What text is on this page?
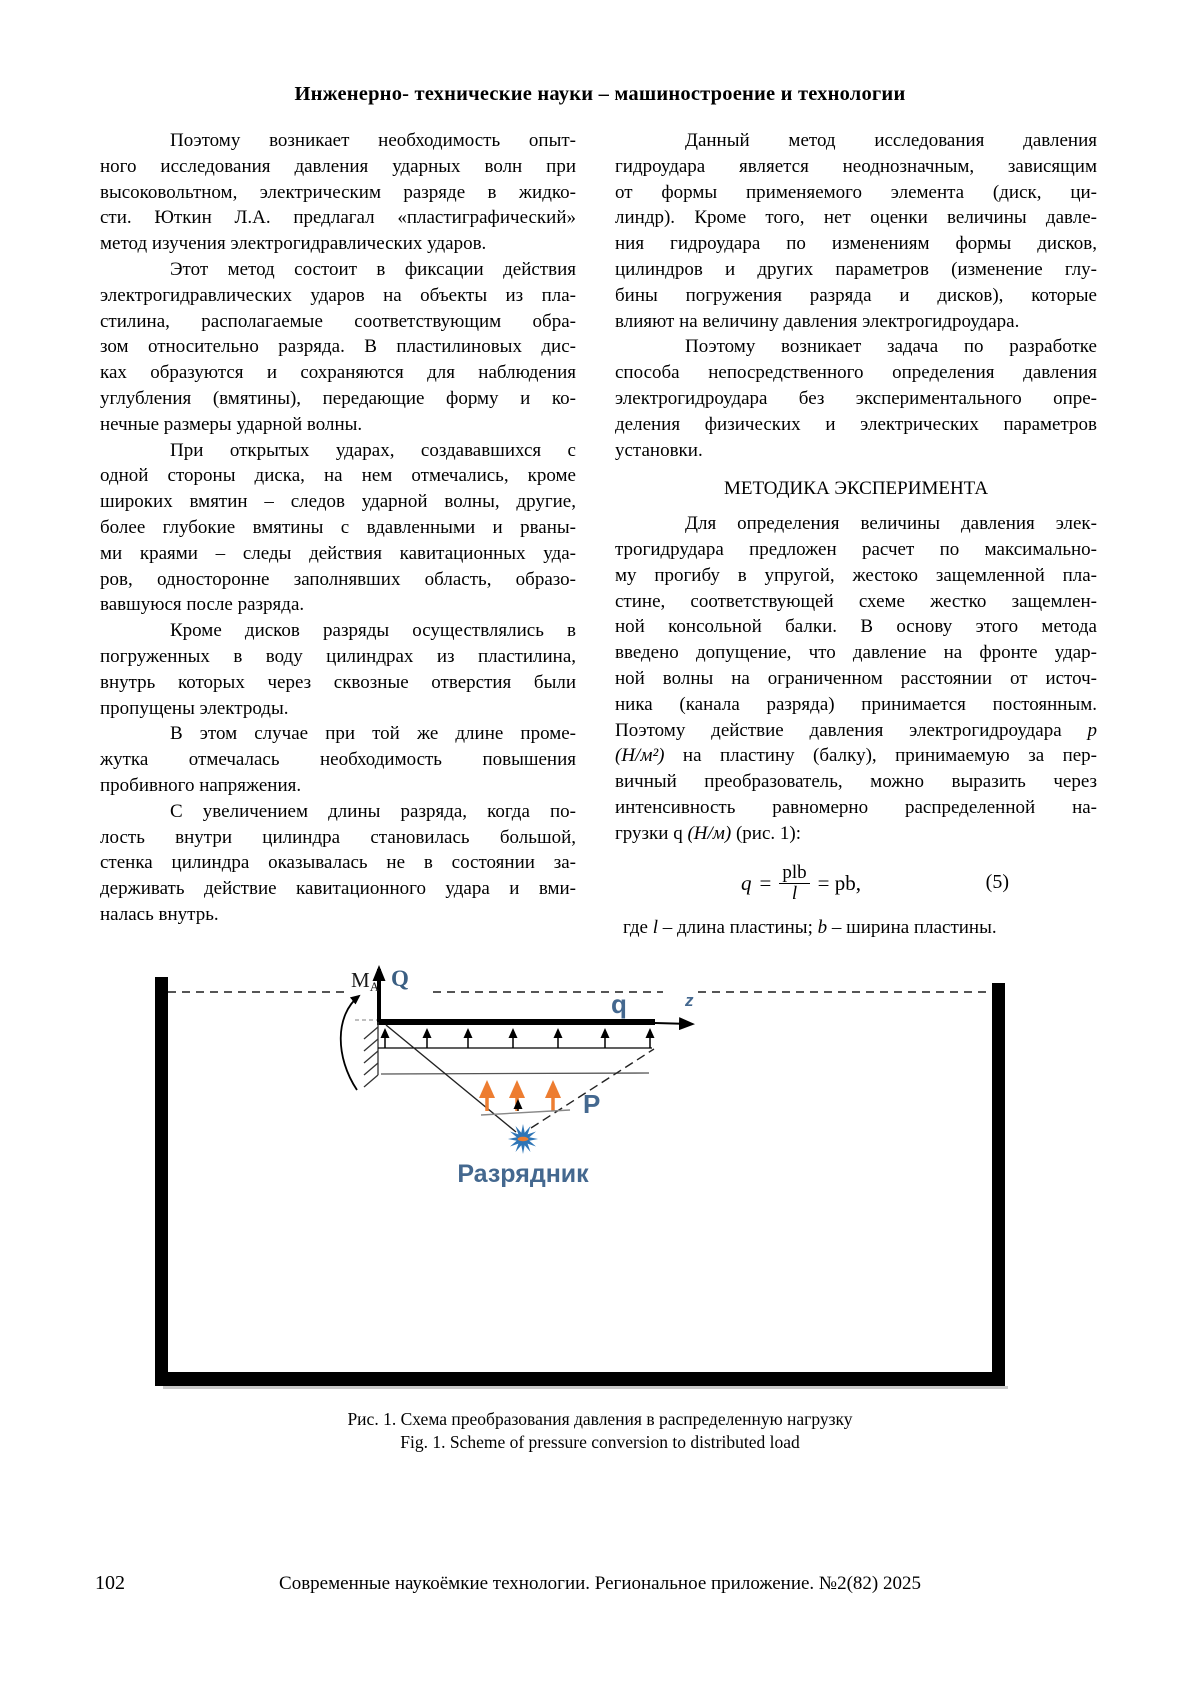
Инженерно- технические науки – машиностроение и технологии
Поэтому возникает необходимость опыт-
ного исследования давления ударных волн при
высоковольтном, электрическим разряде в жидко-
сти. Юткин Л.А. предлагал «пластиграфический»
метод изучения электрогидравлических ударов.
Этот метод состоит в фиксации действия
электрогидравлических ударов на объекты из пла-
стилина, располагаемые соответствующим обра-
зом относительно разряда. В пластилиновых дис-
ках образуются и сохраняются для наблюдения
углубления (вмятины), передающие форму и ко-
нечные размеры ударной волны.
При открытых ударах, создававшихся с
одной стороны диска, на нем отмечались, кроме
широких вмятин – следов ударной волны, другие,
более глубокие вмятины с вдавленными и рваны-
ми краями – следы действия кавитационных уда-
ров, односторонне заполнявших область, образо-
вавшуюся после разряда.
Кроме дисков разряды осуществлялись в
погруженных в воду цилиндрах из пластилина,
внутрь которых через сквозные отверстия были
пропущены электроды.
В этом случае при той же длине проме-
жутка отмечалась необходимость повышения
пробивного напряжения.
С увеличением длины разряда, когда по-
лость внутри цилиндра становилась большой,
стенка цилиндра оказывалась не в состоянии за-
держивать действие кавитационного удара и вми-
налась внутрь.
Данный метод исследования давления
гидроудара является неоднозначным, зависящим
от формы применяемого элемента (диск, ци-
линдр). Кроме того, нет оценки величины давле-
ния гидроудара по изменениям формы дисков,
цилиндров и других параметров (изменение глу-
бины погружения разряда и дисков), которые
влияют на величину давления электрогидроудара.
Поэтому возникает задача по разработке
способа непосредственного определения давления
электрогидроудара без экспериментального опре-
деления физических и электрических параметров
установки.
МЕТОДИКА ЭКСПЕРИМЕНТА
Для определения величины давления элек-
трогидрудара предложен расчет по максимально-
му прогибу в упругой, жестоко защемленной пла-
стине, соответствующей схеме жестко защемлен-
ной консольной балки. В основу этого метода
введено допущение, что давление на фронте удар-
ной волны на ограниченном расстоянии от источ-
ника (канала разряда) принимается постоянным.
Поэтому действие давления электрогидроудара p
(Н/м²) на пластину (балку), принимаемую за пер-
вичный преобразователь, можно выразить через
интенсивность равномерно распределенной на-
грузки q (Н/м) (рис. 1):
$q = \frac{\text{plb}}{l}$ = pb,	(5)
где l – длина пластины; b – ширина пластины.
MA Q
q	z
P
Разрядник
Рис. 1. Схема преобразования давления в распределенную нагрузку
Fig. 1. Scheme of pressure conversion to distributed load
102	Современные наукоёмкие технологии. Региональное приложение. №2(82) 2025
